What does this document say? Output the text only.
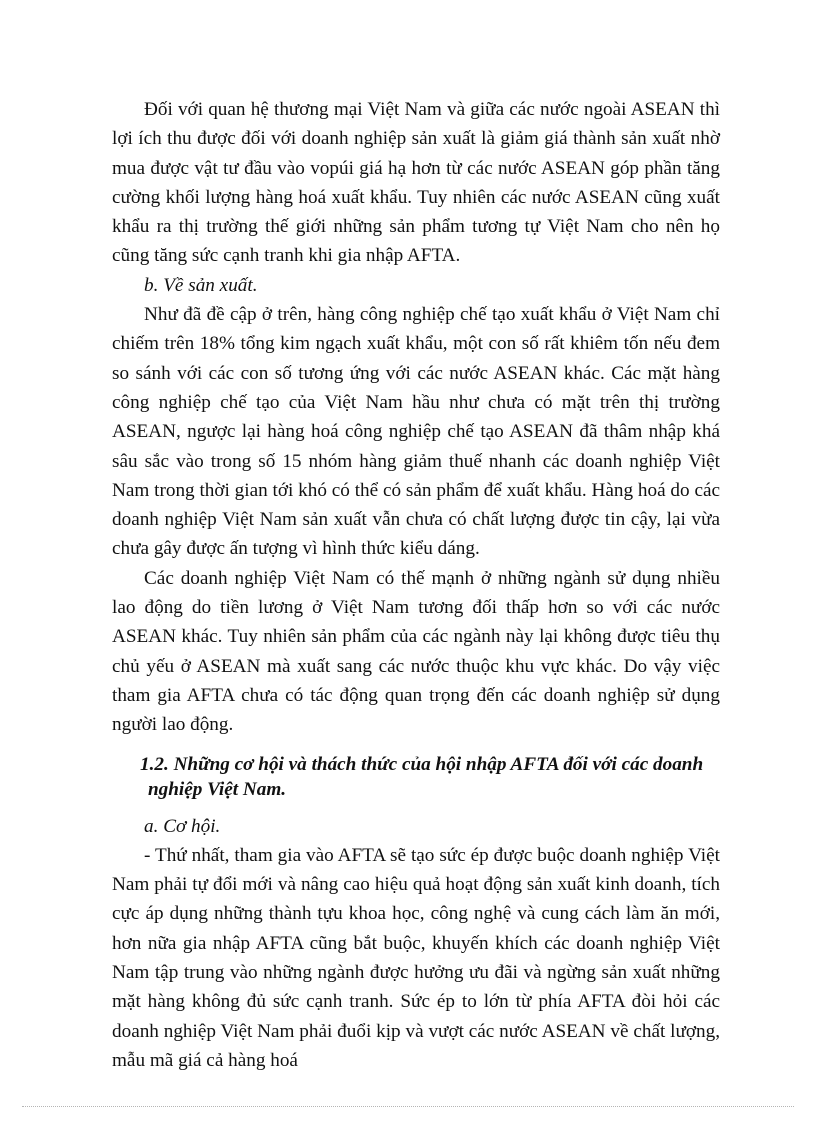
Đối với quan hệ thương mại Việt Nam và giữa các nước ngoài ASEAN thì lợi ích thu được đối với doanh nghiệp sản xuất là giảm giá thành sản xuất nhờ mua được vật tư đầu vào vopúi giá hạ hơn từ các nước ASEAN góp phần tăng cường khối lượng hàng hoá xuất khẩu. Tuy nhiên các nước ASEAN cũng xuất khẩu ra thị trường thế giới những sản phẩm tương tự Việt Nam cho nên họ cũng tăng sức cạnh tranh khi gia nhập AFTA.

b. Về sản xuất.

Như đã đề cập ở trên, hàng công nghiệp chế tạo xuất khẩu ở Việt Nam chỉ chiếm trên 18% tổng kim ngạch xuất khẩu, một con số rất khiêm tốn nếu đem so sánh với các con số tương ứng với các nước ASEAN khác. Các mặt hàng công nghiệp chế tạo của Việt Nam hầu như chưa có mặt trên thị trường ASEAN, ngược lại hàng hoá công nghiệp chế tạo ASEAN đã thâm nhập khá sâu sắc vào trong số 15 nhóm hàng giảm thuế nhanh các doanh nghiệp Việt Nam trong thời gian tới khó có thể có sản phẩm để xuất khẩu. Hàng hoá do các doanh nghiệp Việt Nam sản xuất vẫn chưa có chất lượng được tin cậy, lại vừa chưa gây được ấn tượng vì hình thức kiểu dáng.

Các doanh nghiệp Việt Nam có thế mạnh ở những ngành sử dụng nhiều lao động do tiền lương ở Việt Nam tương đối thấp hơn so với các nước ASEAN khác. Tuy nhiên sản phẩm của các ngành này lại không được tiêu thụ chủ yếu ở ASEAN mà xuất sang các nước thuộc khu vực khác. Do vậy việc tham gia AFTA chưa có tác động quan trọng đến các doanh nghiệp sử dụng người lao động.

1.2. Những cơ hội và thách thức của hội nhập AFTA đối với các doanh
nghiệp Việt Nam.

a. Cơ hội.

- Thứ nhất, tham gia vào AFTA sẽ tạo sức ép được buộc doanh nghiệp Việt Nam phải tự đổi mới và nâng cao hiệu quả hoạt động sản xuất kinh doanh, tích cực áp dụng những thành tựu khoa học, công nghệ và cung cách làm ăn mới, hơn nữa gia nhập AFTA cũng bắt buộc, khuyến khích các doanh nghiệp Việt Nam tập trung vào những ngành được hưởng ưu đãi và ngừng sản xuất những mặt hàng không đủ sức cạnh tranh. Sức ép to lớn từ phía AFTA đòi hỏi các doanh nghiệp Việt Nam phải đuổi kịp và vượt các nước ASEAN về chất lượng, mẫu mã giá cả hàng hoá
